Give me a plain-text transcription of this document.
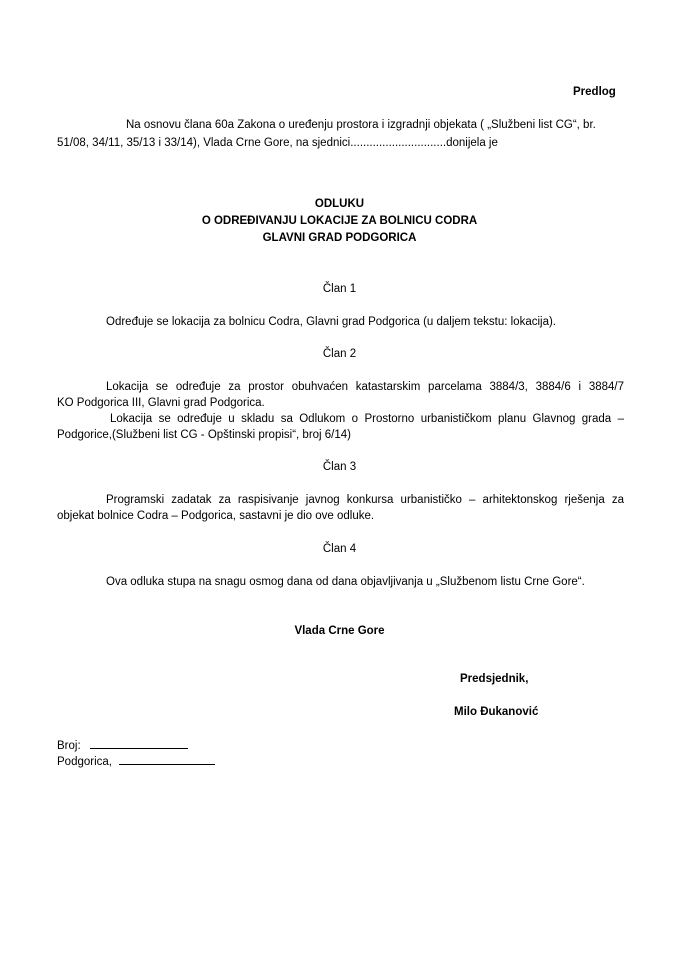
Predlog
Na osnovu člana 60a Zakona o uređenju prostora i izgradnji objekata ( „Službeni list CG“, br.
51/08, 34/11, 35/13 i 33/14), Vlada Crne Gore, na sjednici..............................donijela je
ODLUKU
O ODREĐIVANJU LOKACIJE ZA BOLNICU CODRA
GLAVNI GRAD PODGORICA
Član 1
Određuje se lokacija za bolnicu Codra, Glavni grad Podgorica (u daljem tekstu: lokacija).
Član 2
Lokacija se određuje za prostor obuhvaćen katastarskim parcelama 3884/3, 3884/6 i 3884/7
KO Podgorica III, Glavni grad Podgorica.
Lokacija se određuje u skladu sa Odlukom o Prostorno urbanističkom planu Glavnog grada –
Podgorice,(Službeni list CG - Opštinski propisi“, broj 6/14)
Član 3
Programski zadatak za raspisivanje javnog konkursa urbanističko – arhitektonskog rješenja za
objekat bolnice Codra – Podgorica, sastavni je dio ove odluke.
Član 4
Ova odluka stupa na snagu osmog dana od dana objavljivanja u „Službenom listu Crne Gore“.
Vlada Crne Gore
Predsjednik,
Milo Đukanović
Broj:
Podgorica,
